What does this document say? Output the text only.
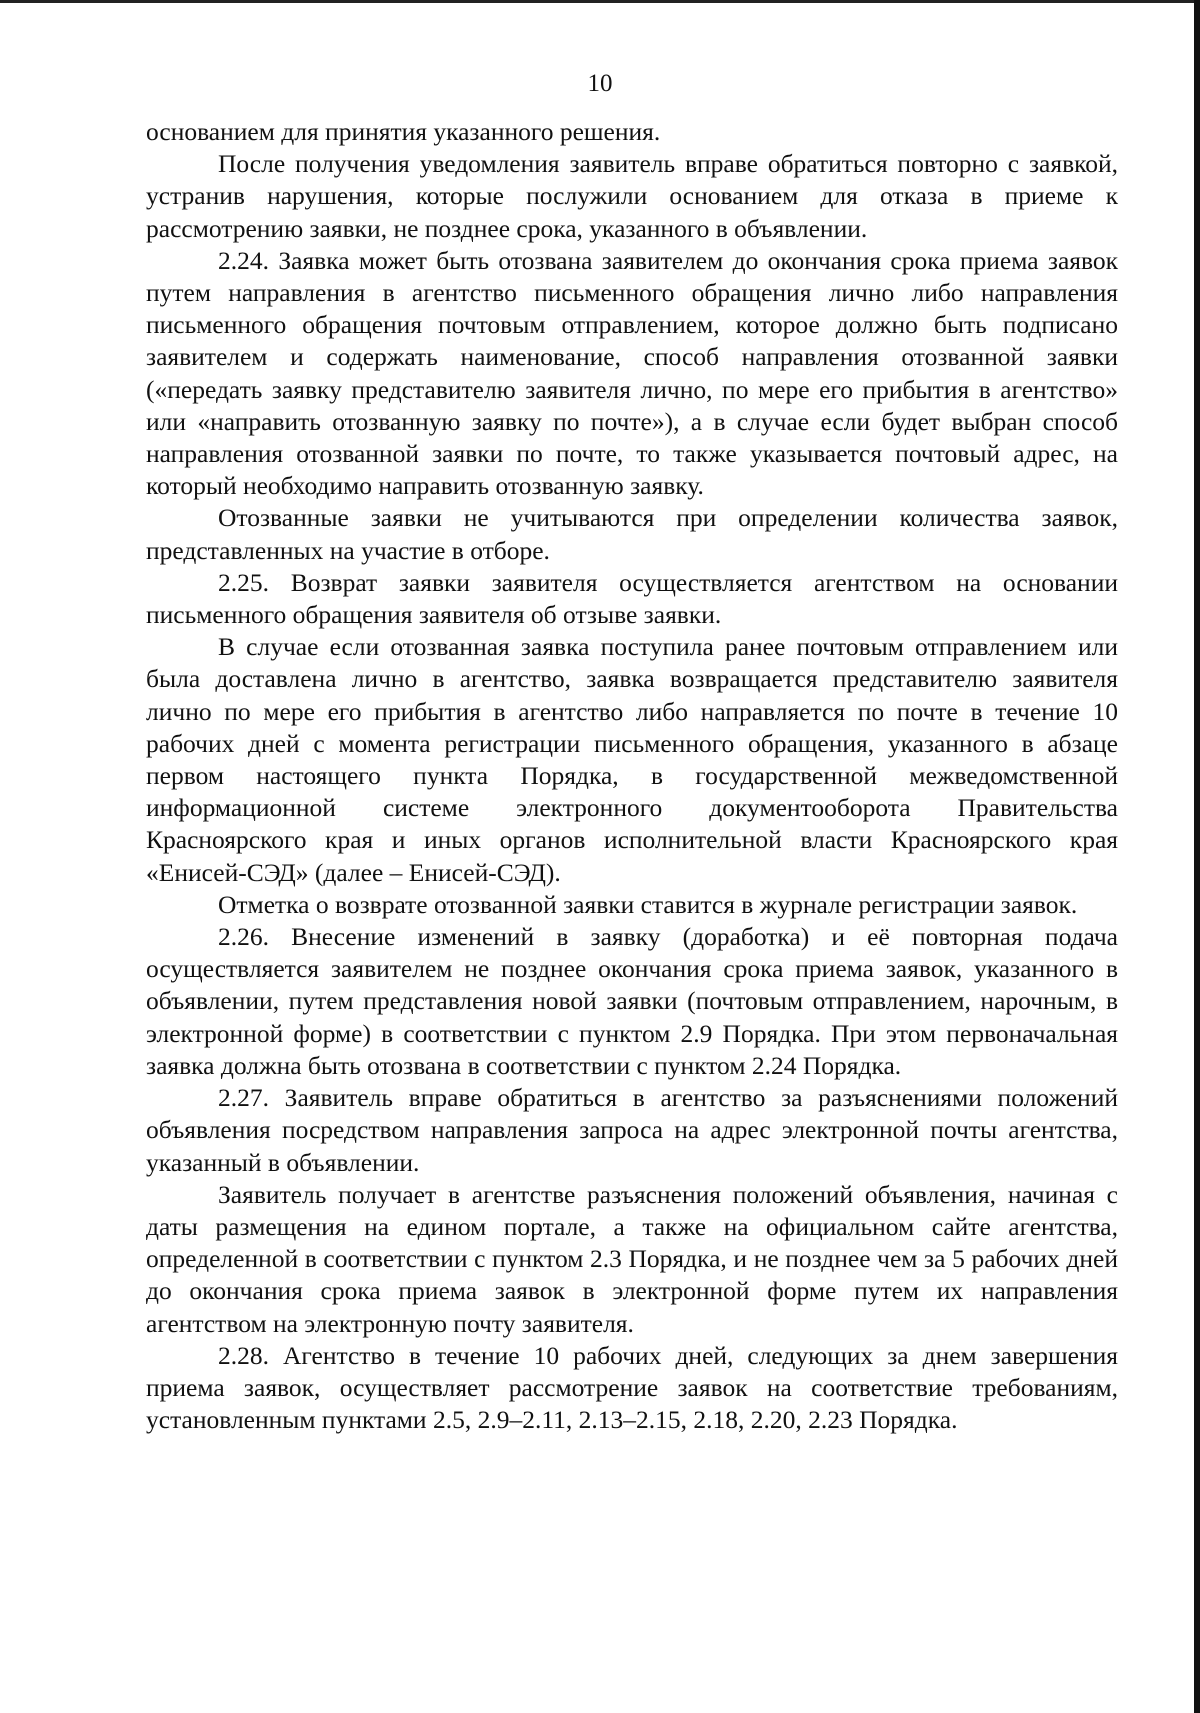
10

основанием для принятия указанного решения.

После получения уведомления заявитель вправе обратиться повторно с заявкой, устранив нарушения, которые послужили основанием для отказа в приеме к рассмотрению заявки, не позднее срока, указанного в объявлении.

2.24. Заявка может быть отозвана заявителем до окончания срока приема заявок путем направления в агентство письменного обращения лично либо направления письменного обращения почтовым отправлением, которое должно быть подписано заявителем и содержать наименование, способ направления отозванной заявки («передать заявку представителю заявителя лично, по мере его прибытия в агентство» или «направить отозванную заявку по почте»), а в случае если будет выбран способ направления отозванной заявки по почте, то также указывается почтовый адрес, на который необходимо направить отозванную заявку.

Отозванные заявки не учитываются при определении количества заявок, представленных на участие в отборе.

2.25. Возврат заявки заявителя осуществляется агентством на основании письменного обращения заявителя об отзыве заявки.

В случае если отозванная заявка поступила ранее почтовым отправлением или была доставлена лично в агентство, заявка возвращается представителю заявителя лично по мере его прибытия в агентство либо направляется по почте в течение 10 рабочих дней с момента регистрации письменного обращения, указанного в абзаце первом настоящего пункта Порядка, в государственной межведомственной информационной системе электронного документооборота Правительства Красноярского края и иных органов исполнительной власти Красноярского края «Енисей-СЭД» (далее – Енисей-СЭД).

Отметка о возврате отозванной заявки ставится в журнале регистрации заявок.

2.26. Внесение изменений в заявку (доработка) и её повторная подача осуществляется заявителем не позднее окончания срока приема заявок, указанного в объявлении, путем представления новой заявки (почтовым отправлением, нарочным, в электронной форме) в соответствии с пунктом 2.9 Порядка. При этом первоначальная заявка должна быть отозвана в соответствии с пунктом 2.24 Порядка.

2.27. Заявитель вправе обратиться в агентство за разъяснениями положений объявления посредством направления запроса на адрес электронной почты агентства, указанный в объявлении.

Заявитель получает в агентстве разъяснения положений объявления, начиная с даты размещения на едином портале, а также на официальном сайте агентства, определенной в соответствии с пунктом 2.3 Порядка, и не позднее чем за 5 рабочих дней до окончания срока приема заявок в электронной форме путем их направления агентством на электронную почту заявителя.

2.28. Агентство в течение 10 рабочих дней, следующих за днем завершения приема заявок, осуществляет рассмотрение заявок на соответствие требованиям, установленным пунктами 2.5, 2.9–2.11, 2.13–2.15, 2.18, 2.20, 2.23 Порядка.
